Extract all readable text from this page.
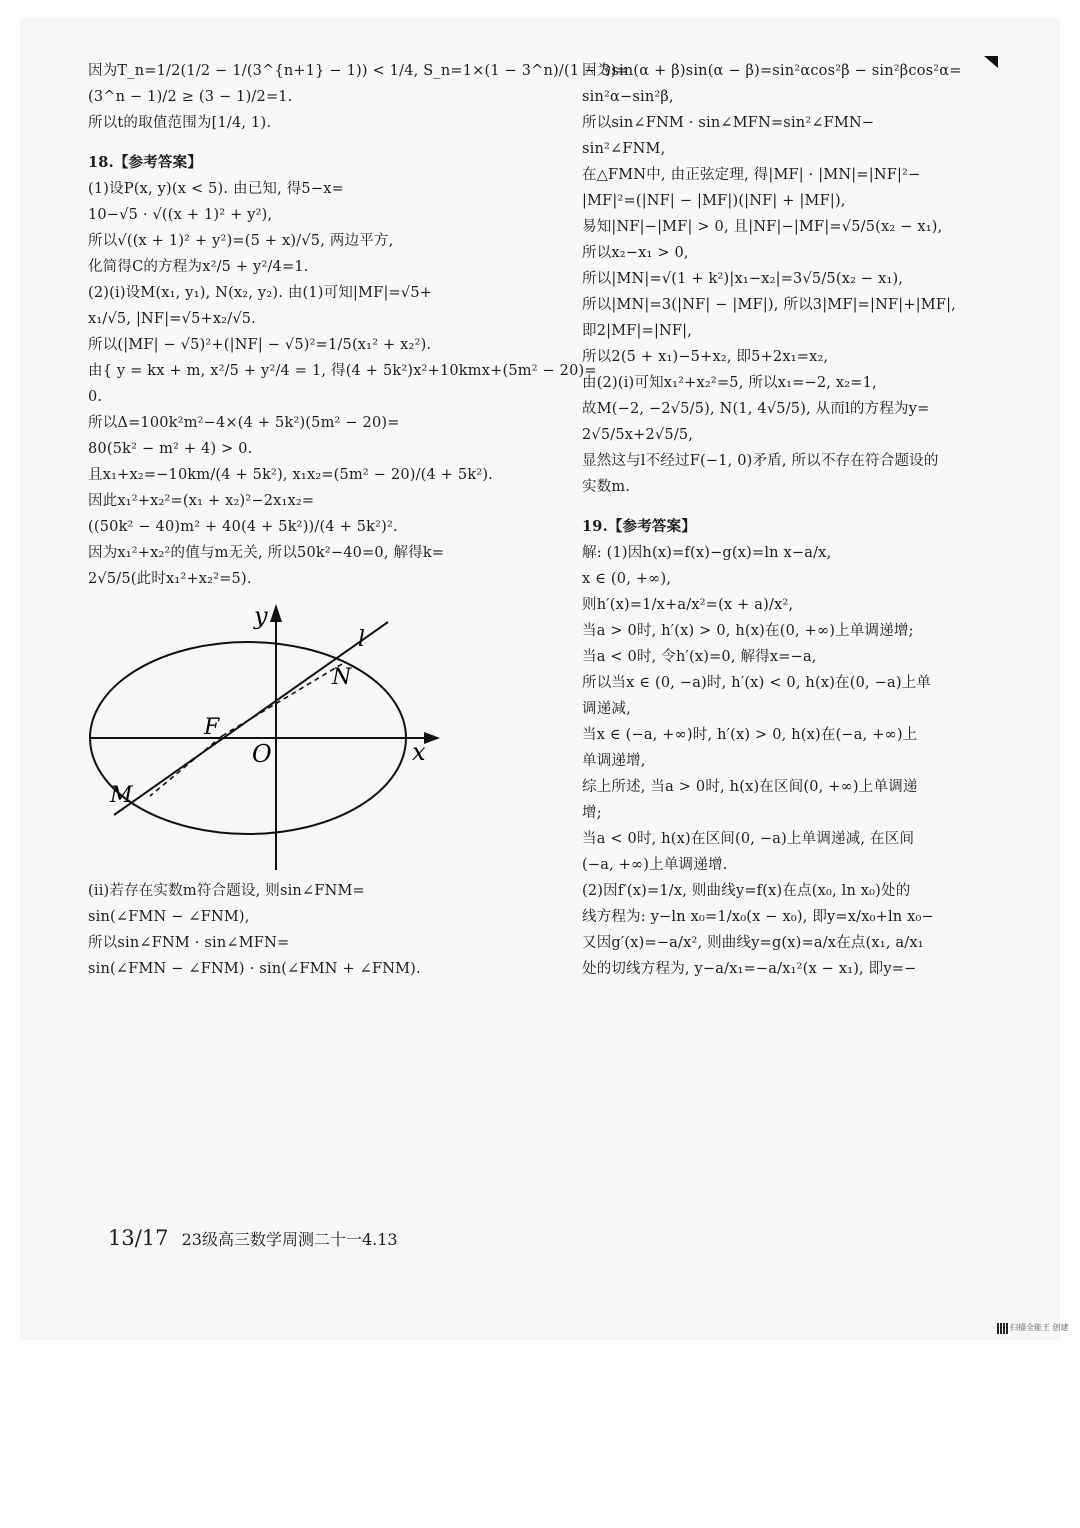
因为T_n=1/2(1/2 − 1/(3^{n+1} − 1)) < 1/4, S_n=1×(1 − 3^n)/(1 − 3)=
(3^n − 1)/2 ≥ (3 − 1)/2=1.
所以t的取值范围为[1/4, 1).
18.【参考答案】
(1)设P(x, y)(x < 5). 由已知, 得5−x=
10−√5 · √((x + 1)² + y²),
所以√((x + 1)² + y²)=(5 + x)/√5, 两边平方,
化简得C的方程为x²/5 + y²/4=1.
(2)(i)设M(x₁, y₁), N(x₂, y₂). 由(1)可知|MF|=√5+
x₁/√5, |NF|=√5+x₂/√5.
所以(|MF| − √5)²+(|NF| − √5)²=1/5(x₁² + x₂²).
由{ y = kx + m, x²/5 + y²/4 = 1, 得(4 + 5k²)x²+10kmx+(5m² − 20)=
0.
所以Δ=100k²m²−4×(4 + 5k²)(5m² − 20)=
80(5k² − m² + 4) > 0.
且x₁+x₂=−10km/(4 + 5k²), x₁x₂=(5m² − 20)/(4 + 5k²).
因此x₁²+x₂²=(x₁ + x₂)²−2x₁x₂=
((50k² − 40)m² + 40(4 + 5k²))/(4 + 5k²)².
因为x₁²+x₂²的值与m无关, 所以50k²−40=0, 解得k=
2√5/5(此时x₁²+x₂²=5).
y
x
O
F
M
N
l
(ii)若存在实数m符合题设, 则sin∠FNM=
sin(∠FMN − ∠FNM),
所以sin∠FNM · sin∠MFN=
sin(∠FMN − ∠FNM) · sin(∠FMN + ∠FNM).
因为sin(α + β)sin(α − β)=sin²αcos²β − sin²βcos²α=
sin²α−sin²β,
所以sin∠FNM · sin∠MFN=sin²∠FMN−
sin²∠FNM,
在△FMN中, 由正弦定理, 得|MF| · |MN|=|NF|²−
|MF|²=(|NF| − |MF|)(|NF| + |MF|),
易知|NF|−|MF| > 0, 且|NF|−|MF|=√5/5(x₂ − x₁),
所以x₂−x₁ > 0,
所以|MN|=√(1 + k²)|x₁−x₂|=3√5/5(x₂ − x₁),
所以|MN|=3(|NF| − |MF|), 所以3|MF|=|NF|+|MF|,
即2|MF|=|NF|,
所以2(5 + x₁)−5+x₂, 即5+2x₁=x₂,
由(2)(i)可知x₁²+x₂²=5, 所以x₁=−2, x₂=1,
故M(−2, −2√5/5), N(1, 4√5/5), 从而l的方程为y=
2√5/5x+2√5/5,
显然这与l不经过F(−1, 0)矛盾, 所以不存在符合题设的
实数m.
19.【参考答案】
解: (1)因h(x)=f(x)−g(x)=ln x−a/x,
x ∈ (0, +∞),
则h′(x)=1/x+a/x²=(x + a)/x²,
当a > 0时, h′(x) > 0, h(x)在(0, +∞)上单调递增;
当a < 0时, 令h′(x)=0, 解得x=−a,
所以当x ∈ (0, −a)时, h′(x) < 0, h(x)在(0, −a)上单
调递减,
当x ∈ (−a, +∞)时, h′(x) > 0, h(x)在(−a, +∞)上
单调递增,
综上所述, 当a > 0时, h(x)在区间(0, +∞)上单调递
增;
当a < 0时, h(x)在区间(0, −a)上单调递减, 在区间
(−a, +∞)上单调递增.
(2)因f′(x)=1/x, 则曲线y=f(x)在点(x₀, ln x₀)处的
线方程为: y−ln x₀=1/x₀(x − x₀), 即y=x/x₀+ln x₀−
又因g′(x)=−a/x², 则曲线y=g(x)=a/x在点(x₁, a/x₁
处的切线方程为, y−a/x₁=−a/x₁²(x − x₁), 即y=−
13/17 23级高三数学周测二十一4.13
扫描全能王 创建
